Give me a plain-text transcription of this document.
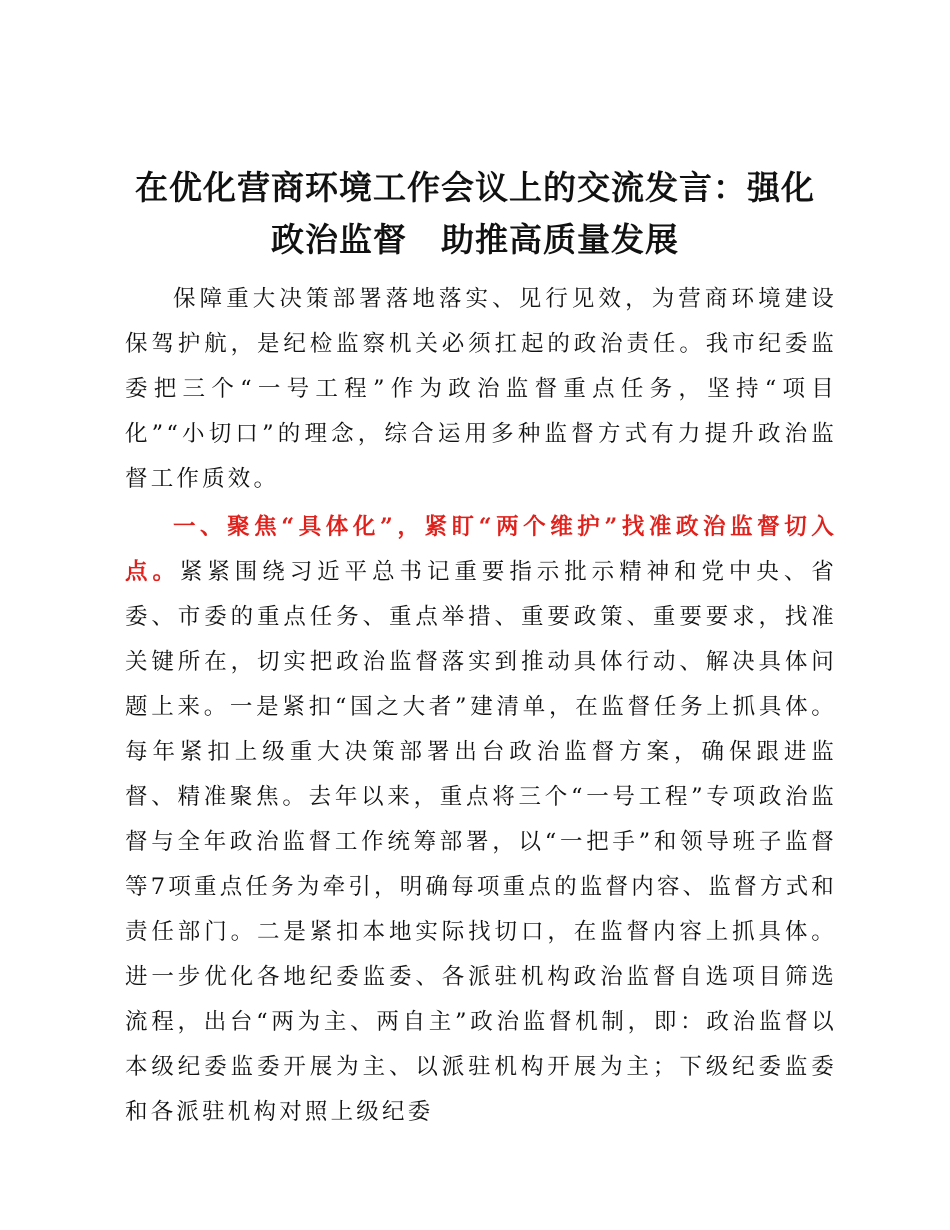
在优化营商环境工作会议上的交流发言：强化
政治监督　助推高质量发展

保障重大决策部署落地落实、见行见效，为营商环境建设保驾护航，是纪检监察机关必须扛起的政治责任。我市纪委监委把三个“一号工程”作为政治监督重点任务，坚持“项目化”“小切口”的理念，综合运用多种监督方式有力提升政治监督工作质效。

一、聚焦“具体化”，紧盯“两个维护”找准政治监督切入点。紧紧围绕习近平总书记重要指示批示精神和党中央、省委、市委的重点任务、重点举措、重要政策、重要要求，找准关键所在，切实把政治监督落实到推动具体行动、解决具体问题上来。一是紧扣“国之大者”建清单，在监督任务上抓具体。每年紧扣上级重大决策部署出台政治监督方案，确保跟进监督、精准聚焦。去年以来，重点将三个“一号工程”专项政治监督与全年政治监督工作统筹部署，以“一把手”和领导班子监督等7项重点任务为牵引，明确每项重点的监督内容、监督方式和责任部门。二是紧扣本地实际找切口，在监督内容上抓具体。进一步优化各地纪委监委、各派驻机构政治监督自选项目筛选流程，出台“两为主、两自主”政治监督机制，即：政治监督以本级纪委监委开展为主、以派驻机构开展为主；下级纪委监委和各派驻机构对照上级纪委
